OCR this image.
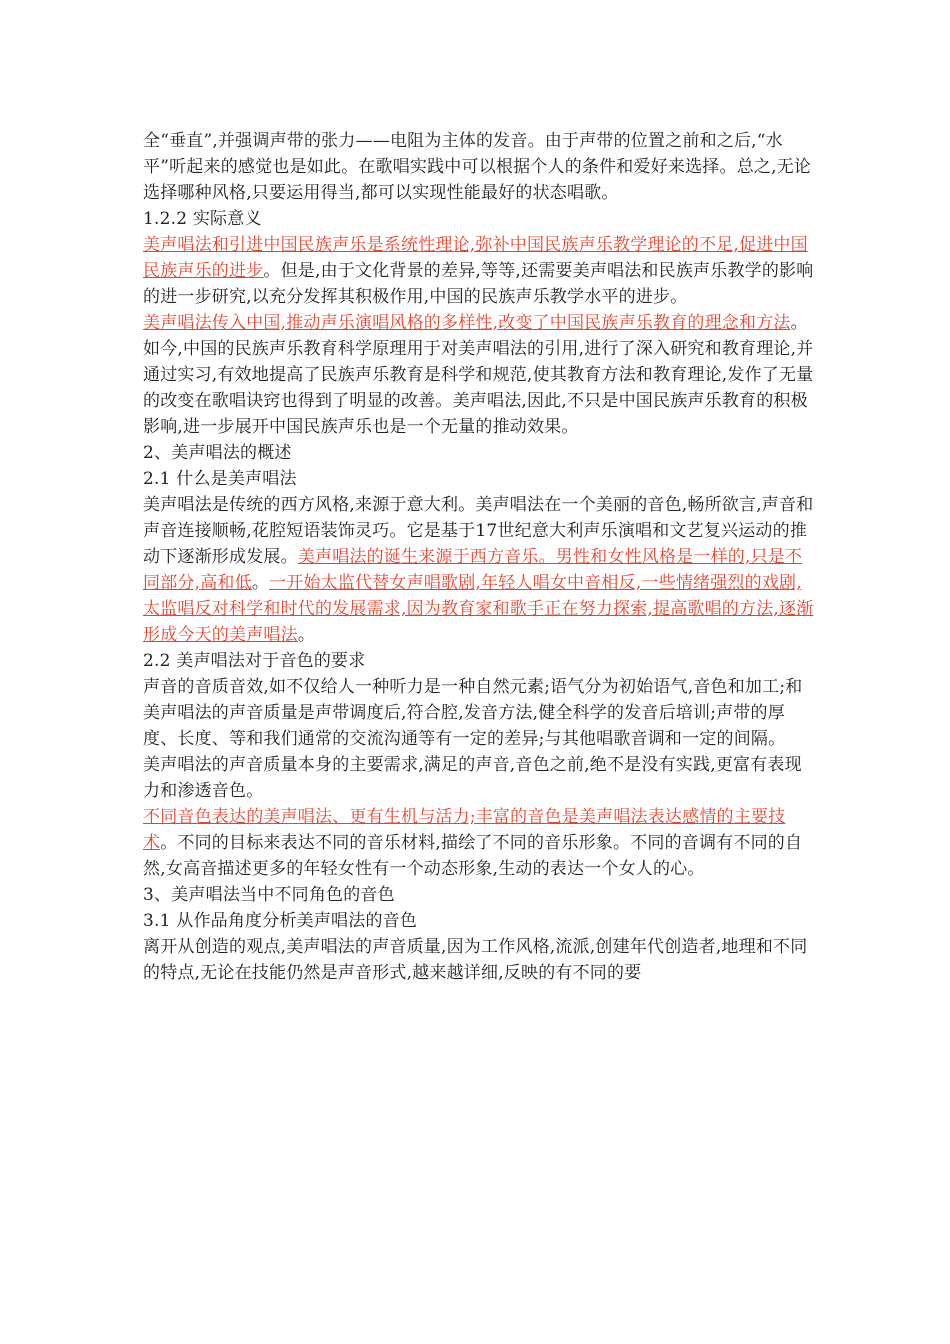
全“垂直”,并强调声带的张力——电阻为主体的发音。由于声带的位置之前和之后,“水平”听起来的感觉也是如此。在歌唱实践中可以根据个人的条件和爱好来选择。总之,无论选择哪种风格,只要运用得当,都可以实现性能最好的状态唱歌。

1.2.2 实际意义

美声唱法和引进中国民族声乐是系统性理论,弥补中国民族声乐教学理论的不足,促进中国民族声乐的进步。但是,由于文化背景的差异,等等,还需要美声唱法和民族声乐教学的影响的进一步研究,以充分发挥其积极作用,中国的民族声乐教学水平的进步。

美声唱法传入中国,推动声乐演唱风格的多样性,改变了中国民族声乐教育的理念和方法。如今,中国的民族声乐教育科学原理用于对美声唱法的引用,进行了深入研究和教育理论,并通过实习,有效地提高了民族声乐教育是科学和规范,使其教育方法和教育理论,发作了无量的改变在歌唱诀窍也得到了明显的改善。美声唱法,因此,不只是中国民族声乐教育的积极影响,进一步展开中国民族声乐也是一个无量的推动效果。

2、美声唱法的概述

2.1 什么是美声唱法

美声唱法是传统的西方风格,来源于意大利。美声唱法在一个美丽的音色,畅所欲言,声音和声音连接顺畅,花腔短语装饰灵巧。它是基于17世纪意大利声乐演唱和文艺复兴运动的推动下逐渐形成发展。美声唱法的诞生来源于西方音乐。男性和女性风格是一样的,只是不同部分,高和低。一开始太监代替女声唱歌剧,年轻人唱女中音相反,一些情绪强烈的戏剧,太监唱反对科学和时代的发展需求,因为教育家和歌手正在努力探索,提高歌唱的方法,逐渐形成今天的美声唱法。

2.2 美声唱法对于音色的要求

声音的音质音效,如不仅给人一种听力是一种自然元素;语气分为初始语气,音色和加工;和美声唱法的声音质量是声带调度后,符合腔,发音方法,健全科学的发音后培训;声带的厚度、长度、等和我们通常的交流沟通等有一定的差异;与其他唱歌音调和一定的间隔。

美声唱法的声音质量本身的主要需求,满足的声音,音色之前,绝不是没有实践,更富有表现力和渗透音色。

不同音色表达的美声唱法、更有生机与活力;丰富的音色是美声唱法表达感情的主要技术。不同的目标来表达不同的音乐材料,描绘了不同的音乐形象。不同的音调有不同的自然,女高音描述更多的年轻女性有一个动态形象,生动的表达一个女人的心。

3、美声唱法当中不同角色的音色

3.1 从作品角度分析美声唱法的音色

离开从创造的观点,美声唱法的声音质量,因为工作风格,流派,创建年代创造者,地理和不同的特点,无论在技能仍然是声音形式,越来越详细,反映的有不同的要
